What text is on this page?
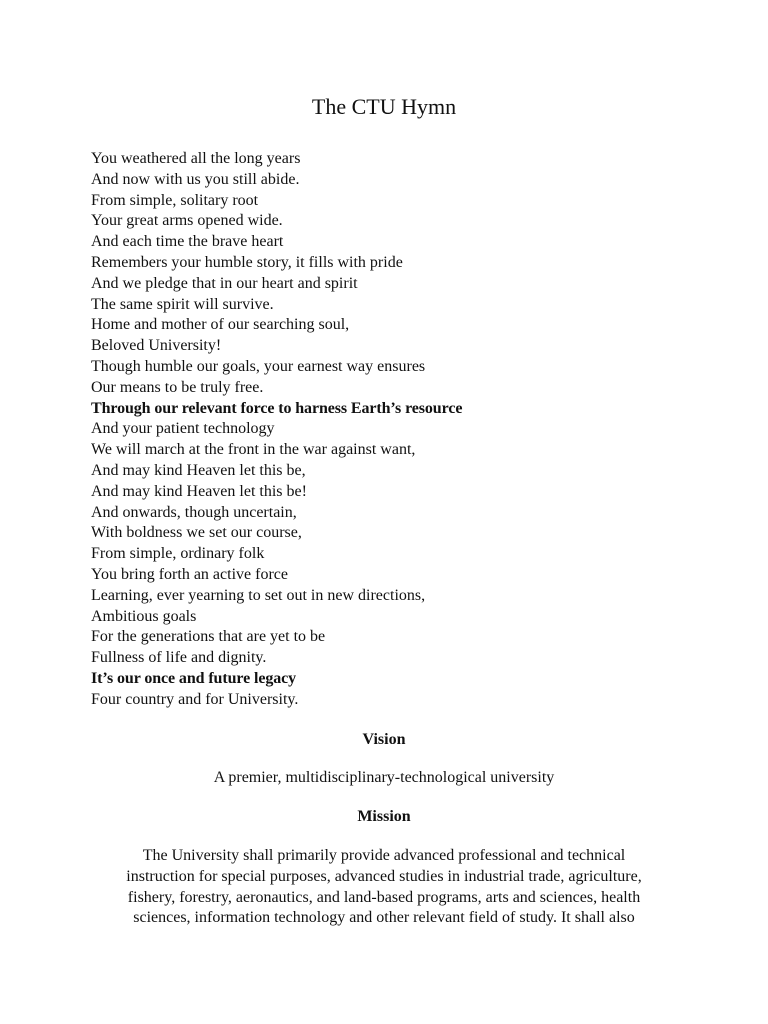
The CTU Hymn
You weathered all the long years
And now with us you still abide.
From simple, solitary root
Your great arms opened wide.
And each time the brave heart
Remembers your humble story, it fills with pride
And we pledge that in our heart and spirit
The same spirit will survive.
Home and mother of our searching soul,
Beloved University!
Though humble our goals, your earnest way ensures
Our means to be truly free.
Through our relevant force to harness Earth’s resource
And your patient technology
We will march at the front in the war against want,
And may kind Heaven let this be,
And may kind Heaven let this be!
And onwards, though uncertain,
With boldness we set our course,
From simple, ordinary folk
You bring forth an active force
Learning, ever yearning to set out in new directions,
Ambitious goals
For the generations that are yet to be
Fullness of life and dignity.
It’s our once and future legacy
Four country and for University.
Vision
A premier, multidisciplinary-technological university
Mission
The University shall primarily provide advanced professional and technical
instruction for special purposes, advanced studies in industrial trade, agriculture,
fishery, forestry, aeronautics, and land-based programs, arts and sciences, health
sciences, information technology and other relevant field of study. It shall also
